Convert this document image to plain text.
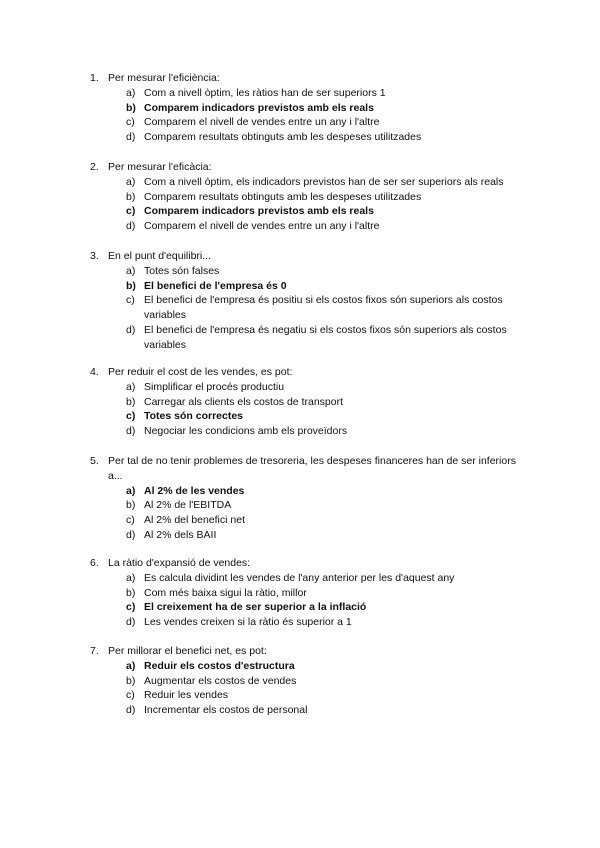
1. Per mesurar l'eficiència:
a) Com a nivell òptim, les ràtios han de ser superiors 1
b) Comparem indicadors previstos amb els reals
c) Comparem el nivell de vendes entre un any i l'altre
d) Comparem resultats obtinguts amb les despeses utilitzades
2. Per mesurar l'eficàcia:
a) Com a nivell òptim, els indicadors previstos han de ser ser superiors als reals
b) Comparem resultats obtinguts amb les despeses utilitzades
c) Comparem indicadors previstos amb els reals
d) Comparem el nivell de vendes entre un any i l'altre
3. En el punt d'equilibri...
a) Totes són falses
b) El benefici de l'empresa és 0
c) El benefici de l'empresa és positiu si els costos fixos són superiors als costos variables
d) El benefici de l'empresa és negatiu si els costos fixos són superiors als costos variables
4. Per reduir el cost de les vendes, es pot:
a) Simplificar el procés productiu
b) Carregar als clients els costos de transport
c) Totes són correctes
d) Negociar les condicions amb els proveïdors
5. Per tal de no tenir problemes de tresoreria, les despeses financeres han de ser inferiors a...
a) Al 2% de les vendes
b) Al 2% de l'EBITDA
c) Al 2% del benefici net
d) Al 2% dels BAII
6. La ràtio d'expansió de vendes:
a) Es calcula dividint les vendes de l'any anterior per les d'aquest any
b) Com més baixa sigui la ràtio, millor
c) El creixement ha de ser superior a la inflació
d) Les vendes creixen si la ràtio és superior a 1
7. Per millorar el benefici net, es pot:
a) Reduir els costos d'estructura
b) Augmentar els costos de vendes
c) Reduir les vendes
d) Incrementar els costos de personal
